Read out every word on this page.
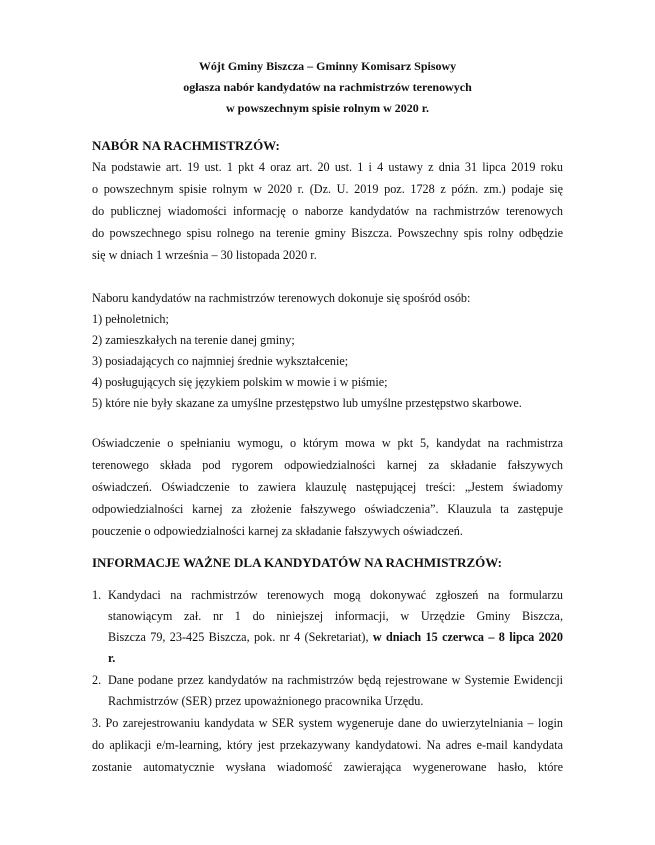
Wójt Gminy Biszcza – Gminny Komisarz Spisowy
ogłasza nabór kandydatów na rachmistrzów terenowych
w powszechnym spisie rolnym w 2020 r.
NABÓR NA RACHMISTRZÓW:
Na podstawie art. 19 ust. 1 pkt 4 oraz art. 20 ust. 1 i 4 ustawy z dnia 31 lipca 2019 roku
o powszechnym spisie rolnym w 2020 r. (Dz. U. 2019 poz. 1728 z późn. zm.) podaje się
do publicznej wiadomości informację o naborze kandydatów na rachmistrzów terenowych
do powszechnego spisu rolnego na terenie gminy Biszcza. Powszechny spis rolny odbędzie
się w dniach 1 września – 30 listopada 2020 r.
Naboru kandydatów na rachmistrzów terenowych dokonuje się spośród osób:
1) pełnoletnich;
2) zamieszkałych na terenie danej gminy;
3) posiadających co najmniej średnie wykształcenie;
4) posługujących się językiem polskim w mowie i w piśmie;
5) które nie były skazane za umyślne przestępstwo lub umyślne przestępstwo skarbowe.
Oświadczenie o spełnianiu wymogu, o którym mowa w pkt 5, kandydat na rachmistrza
terenowego składa pod rygorem odpowiedzialności karnej za składanie fałszywych
oświadczeń. Oświadczenie to zawiera klauzulę następującej treści: „Jestem świadomy
odpowiedzialności karnej za złożenie fałszywego oświadczenia”. Klauzula ta zastępuje
pouczenie o odpowiedzialności karnej za składanie fałszywych oświadczeń.
INFORMACJE WAŻNE DLA KANDYDATÓW NA RACHMISTRZÓW:
1. Kandydaci na rachmistrzów terenowych mogą dokonywać zgłoszeń na formularzu
stanowiącym zał. nr 1 do niniejszej informacji, w Urzędzie Gminy Biszcza,
Biszcza 79, 23-425 Biszcza, pok. nr 4 (Sekretariat), w dniach 15 czerwca – 8 lipca 2020
r.
2. Dane podane przez kandydatów na rachmistrzów będą rejestrowane w Systemie Ewidencji
Rachmistrzów (SER) przez upoważnionego pracownika Urzędu.
3. Po zarejestrowaniu kandydata w SER system wygeneruje dane do uwierzytelniania – login
do aplikacji e/m-learning, który jest przekazywany kandydatowi. Na adres e-mail kandydata
zostanie automatycznie wysłana wiadomość zawierająca wygenerowane hasło, które
